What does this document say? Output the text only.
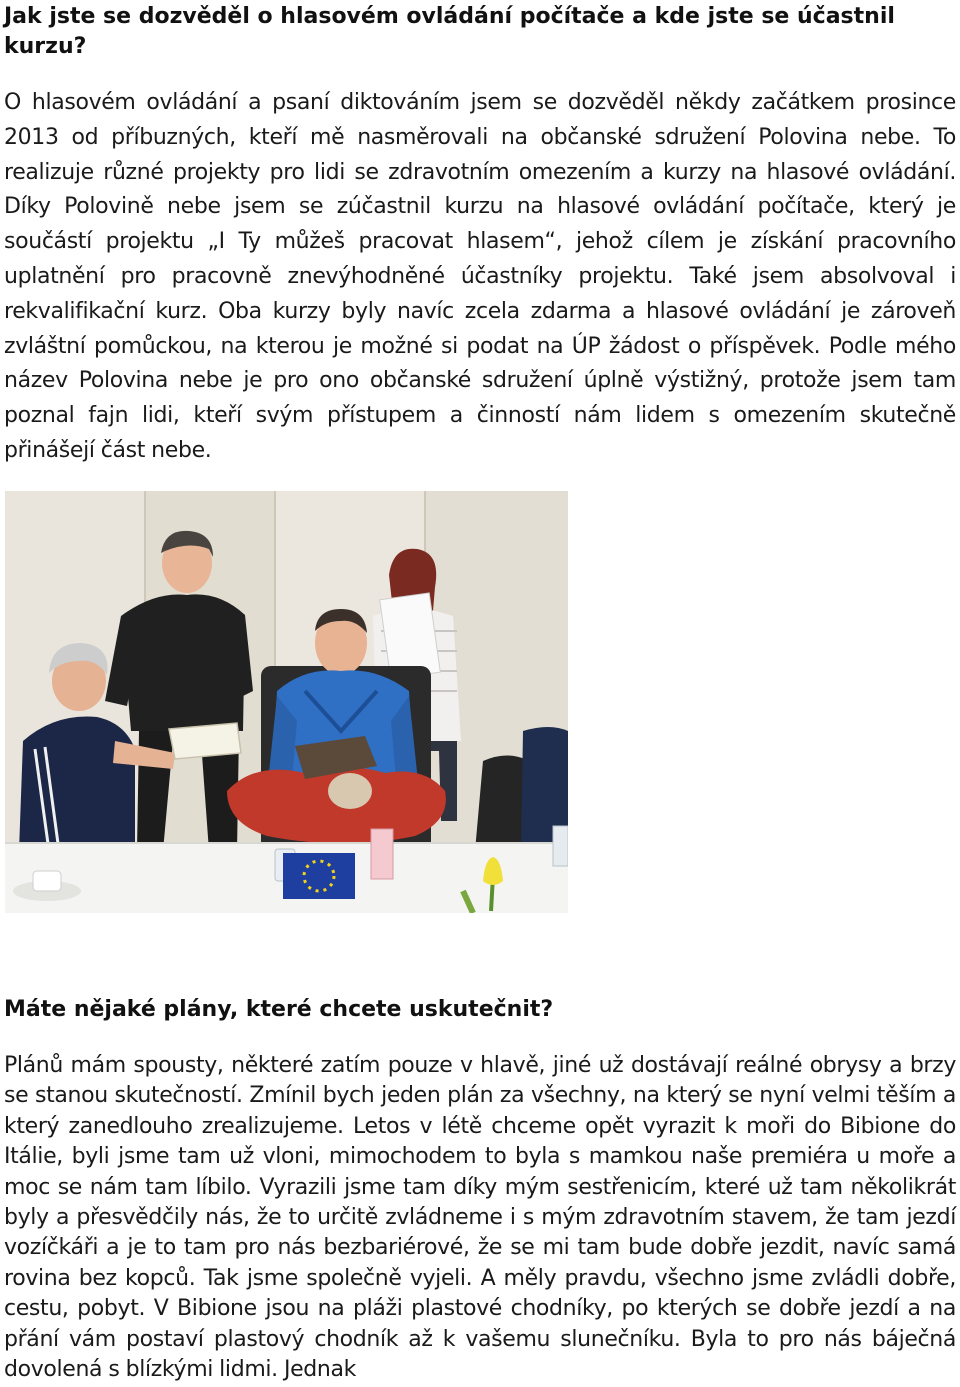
Jak jste se dozvěděl o hlasovém ovládání počítače a kde jste se účastnil kurzu?

O hlasovém ovládání a psaní diktováním jsem se dozvěděl někdy začátkem prosince 2013 od příbuzných, kteří mě nasměrovali na občanské sdružení Polovina nebe. To realizuje různé projekty pro lidi se zdravotním omezením a kurzy na hlasové ovládání. Díky Polovině nebe jsem se zúčastnil kurzu na hlasové ovládání počítače, který je součástí projektu „I Ty můžeš pracovat hlasem“, jehož cílem je získání pracovního uplatnění pro pracovně znevýhodněné účastníky projektu. Také jsem absolvoval i rekvalifikační kurz. Oba kurzy byly navíc zcela zdarma a hlasové ovládání je zároveň zvláštní pomůckou, na kterou je možné si podat na ÚP žádost o příspěvek. Podle mého název Polovina nebe je pro ono občanské sdružení úplně výstižný, protože jsem tam poznal fajn lidi, kteří svým přístupem a činností nám lidem s omezením skutečně přinášejí část nebe.

Máte nějaké plány, které chcete uskutečnit?

Plánů mám spousty, některé zatím pouze v hlavě, jiné už dostávají reálné obrysy a brzy se stanou skutečností. Zmínil bych jeden plán za všechny, na který se nyní velmi těším a který zanedlouho zrealizujeme. Letos v létě chceme opět vyrazit k moři do Bibione do Itálie, byli jsme tam už vloni, mimochodem to byla s mamkou naše premiéra u moře a moc se nám tam líbilo. Vyrazili jsme tam díky mým sestřenicím, které už tam několikrát byly a přesvědčily nás, že to určitě zvládneme i s mým zdravotním stavem, že tam jezdí vozíčkáři a je to tam pro nás bezbariérové, že se mi tam bude dobře jezdit, navíc samá rovina bez kopců. Tak jsme společně vyjeli. A měly pravdu, všechno jsme zvládli dobře, cestu, pobyt. V Bibione jsou na pláži plastové chodníky, po kterých se dobře jezdí a na přání vám postaví plastový chodník až k vašemu slunečníku. Byla to pro nás báječná dovolená s blízkými lidmi. Jednak
